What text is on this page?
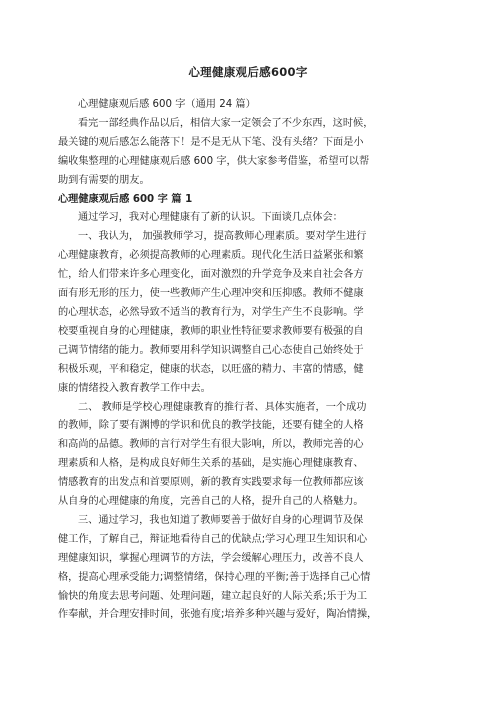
心理健康观后感600字
心理健康观后感 600 字（通用 24 篇）
看完一部经典作品以后，相信大家一定领会了不少东西，这时候，
最关键的观后感怎么能落下！是不是无从下笔、没有头绪？下面是小
编收集整理的心理健康观后感 600 字，供大家参考借鉴，希望可以帮
助到有需要的朋友。
心理健康观后感 600 字 篇 1
通过学习，我对心理健康有了新的认识。下面谈几点体会：
一、我认为， 加强教师学习，提高教师心理素质。要对学生进行
心理健康教育，必须提高教师的心理素质。现代化生活日益紧张和繁
忙，给人们带来许多心理变化，面对激烈的升学竞争及来自社会各方
面有形无形的压力，使一些教师产生心理冲突和压抑感。教师不健康
的心理状态，必然导致不适当的教育行为，对学生产生不良影响。学
校要重视自身的心理健康，教师的职业性特征要求教师要有极强的自
己调节情绪的能力。教师要用科学知识调整自己心态使自己始终处于
积极乐观，平和稳定，健康的状态，以旺盛的精力、丰富的情感，健
康的情绪投入教育教学工作中去。
二、 教师是学校心理健康教育的推行者、具体实施者，一个成功
的教师，除了要有渊博的学识和优良的教学技能，还要有健全的人格
和高尚的品德。教师的言行对学生有很大影响，所以，教师完善的心
理素质和人格，是构成良好师生关系的基础，是实施心理健康教育、
情感教育的出发点和首要原则，新的教育实践要求每一位教师都应该
从自身的心理健康的角度，完善自己的人格，提升自己的人格魅力。
三、通过学习，我也知道了教师要善于做好自身的心理调节及保
健工作，了解自己，辩证地看待自己的优缺点;学习心理卫生知识和心
理健康知识，掌握心理调节的方法，学会缓解心理压力，改善不良人
格，提高心理承受能力;调整情绪，保持心理的平衡;善于选择自己心情
愉快的角度去思考问题、处理问题，建立起良好的人际关系;乐于为工
作奉献，并合理安排时间，张弛有度;培养多种兴趣与爱好，陶冶情操，
